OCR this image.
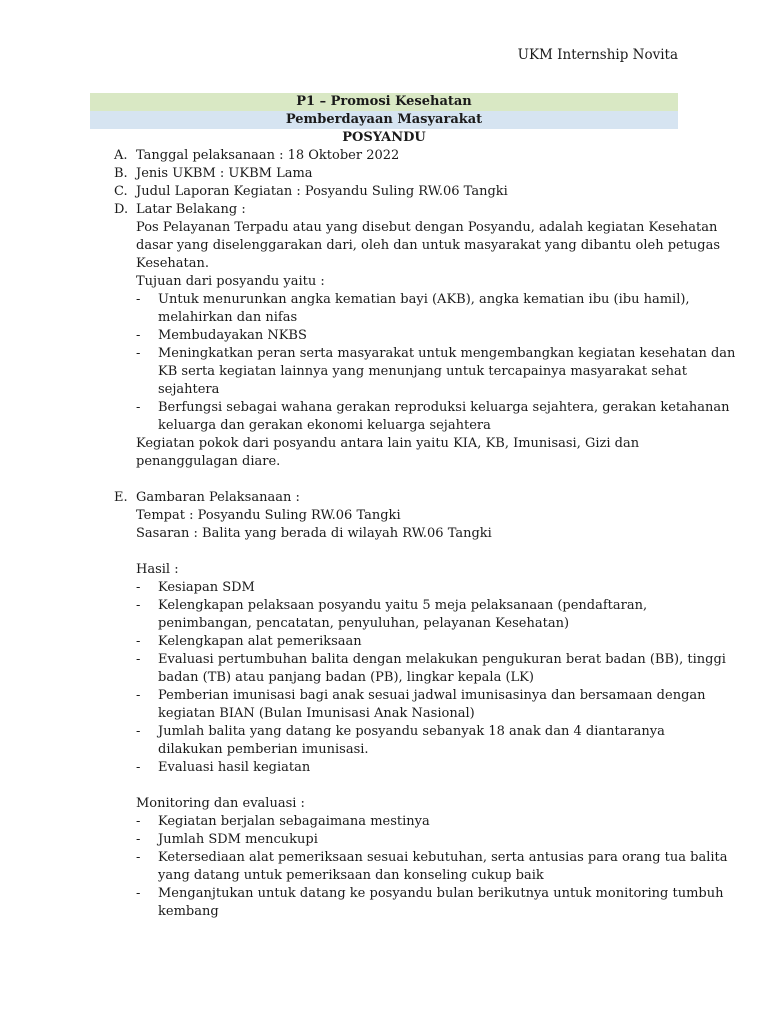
UKM Internship Novita
P1 – Promosi Kesehatan
Pemberdayaan Masyarakat
POSYANDU
A. Tanggal pelaksanaan : 18 Oktober 2022
B. Jenis UKBM : UKBM Lama
C. Judul Laporan Kegiatan : Posyandu Suling RW.06 Tangki
D. Latar Belakang :
Pos Pelayanan Terpadu atau yang disebut dengan Posyandu, adalah kegiatan Kesehatan
dasar yang diselenggarakan dari, oleh dan untuk masyarakat yang dibantu oleh petugas
Kesehatan.
Tujuan dari posyandu yaitu :
- Untuk menurunkan angka kematian bayi (AKB), angka kematian ibu (ibu hamil),
melahirkan dan nifas
- Membudayakan NKBS
- Meningkatkan peran serta masyarakat untuk mengembangkan kegiatan kesehatan dan
KB serta kegiatan lainnya yang menunjang untuk tercapainya masyarakat sehat
sejahtera
- Berfungsi sebagai wahana gerakan reproduksi keluarga sejahtera, gerakan ketahanan
keluarga dan gerakan ekonomi keluarga sejahtera
Kegiatan pokok dari posyandu antara lain yaitu KIA, KB, Imunisasi, Gizi dan
penanggulagan diare.
E. Gambaran Pelaksanaan :
Tempat : Posyandu Suling RW.06 Tangki
Sasaran : Balita yang berada di wilayah RW.06 Tangki
Hasil :
- Kesiapan SDM
- Kelengkapan pelaksaan posyandu yaitu 5 meja pelaksanaan (pendaftaran,
penimbangan, pencatatan, penyuluhan, pelayanan Kesehatan)
- Kelengkapan alat pemeriksaan
- Evaluasi pertumbuhan balita dengan melakukan pengukuran berat badan (BB), tinggi
badan (TB) atau panjang badan (PB), lingkar kepala (LK)
- Pemberian imunisasi bagi anak sesuai jadwal imunisasinya dan bersamaan dengan
kegiatan BIAN (Bulan Imunisasi Anak Nasional)
- Jumlah balita yang datang ke posyandu sebanyak 18 anak dan 4 diantaranya
dilakukan pemberian imunisasi.
- Evaluasi hasil kegiatan
Monitoring dan evaluasi :
- Kegiatan berjalan sebagaimana mestinya
- Jumlah SDM mencukupi
- Ketersediaan alat pemeriksaan sesuai kebutuhan, serta antusias para orang tua balita
yang datang untuk pemeriksaan dan konseling cukup baik
- Menganjtukan untuk datang ke posyandu bulan berikutnya untuk monitoring tumbuh
kembang
